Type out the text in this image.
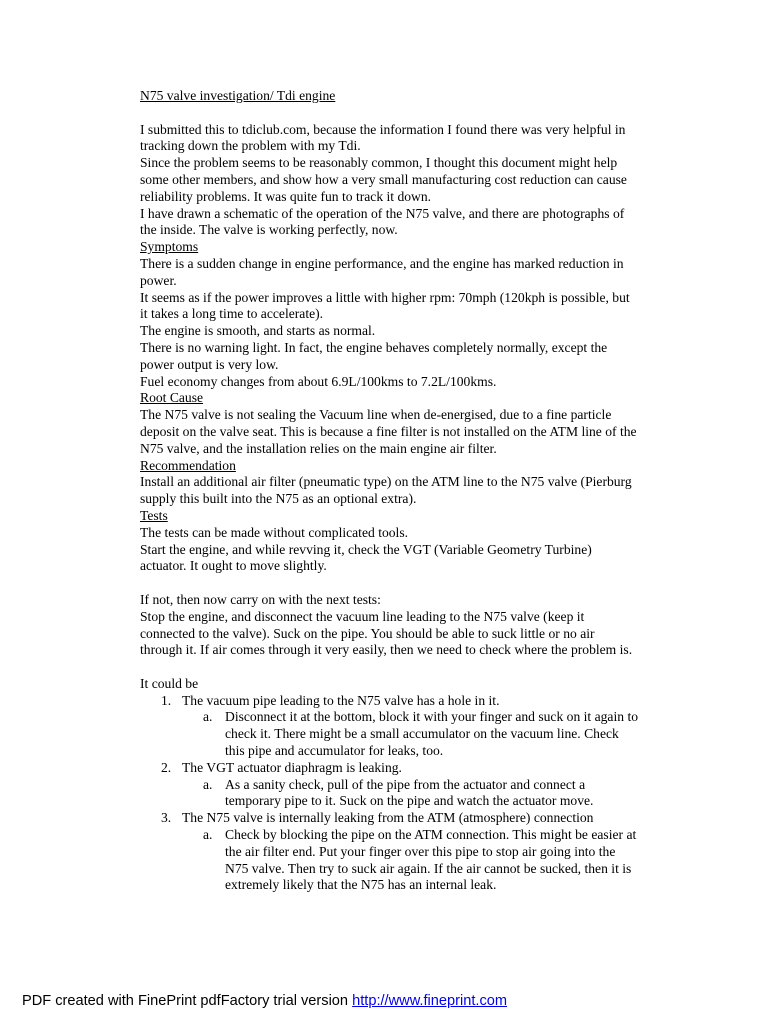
N75 valve investigation/ Tdi engine

I submitted this to tdiclub.com, because the information I found there was very helpful in tracking down the problem with my Tdi.

Since the problem seems to be reasonably common, I thought this document might help some other members, and show how a very small manufacturing cost reduction can cause reliability problems. It was quite fun to track it down.

I have drawn a schematic of the operation of the N75 valve, and there are photographs of the inside. The valve is working perfectly, now.

Symptoms

There is a sudden change in engine performance, and the engine has marked reduction in power.

It seems as if the power improves a little with higher rpm: 70mph (120kph is possible, but it takes a long time to accelerate).

The engine is smooth, and starts as normal.

There is no warning light. In fact, the engine behaves completely normally, except the power output is very low.

Fuel economy changes from about 6.9L/100kms to 7.2L/100kms.

Root Cause

The N75 valve is not sealing the Vacuum line when de-energised, due to a fine particle deposit on the valve seat. This is because a fine filter is not installed on the ATM line of the N75 valve, and the installation relies on the main engine air filter.

Recommendation

Install an additional air filter (pneumatic type) on the ATM line to the N75 valve (Pierburg supply this built into the N75 as an optional extra).

Tests

The tests can be made without complicated tools.

Start the engine, and while revving it, check the VGT (Variable Geometry Turbine) actuator. It ought to move slightly.

If not, then now carry on with the next tests:

Stop the engine, and disconnect the vacuum line leading to the N75 valve (keep it connected to the valve). Suck on the pipe. You should be able to suck little or no air through it. If air comes through it very easily, then we need to check where the problem is.

It could be

1. The vacuum pipe leading to the N75 valve has a hole in it.
a. Disconnect it at the bottom, block it with your finger and suck on it again to check it. There might be a small accumulator on the vacuum line. Check this pipe and accumulator for leaks, too.
2. The VGT actuator diaphragm is leaking.
a. As a sanity check, pull of the pipe from the actuator and connect a temporary pipe to it. Suck on the pipe and watch the actuator move.
3. The N75 valve is internally leaking from the ATM (atmosphere) connection
a. Check by blocking the pipe on the ATM connection. This might be easier at the air filter end. Put your finger over this pipe to stop air going into the N75 valve. Then try to suck air again. If the air cannot be sucked, then it is extremely likely that the N75 has an internal leak.
PDF created with FinePrint pdfFactory trial version http://www.fineprint.com
